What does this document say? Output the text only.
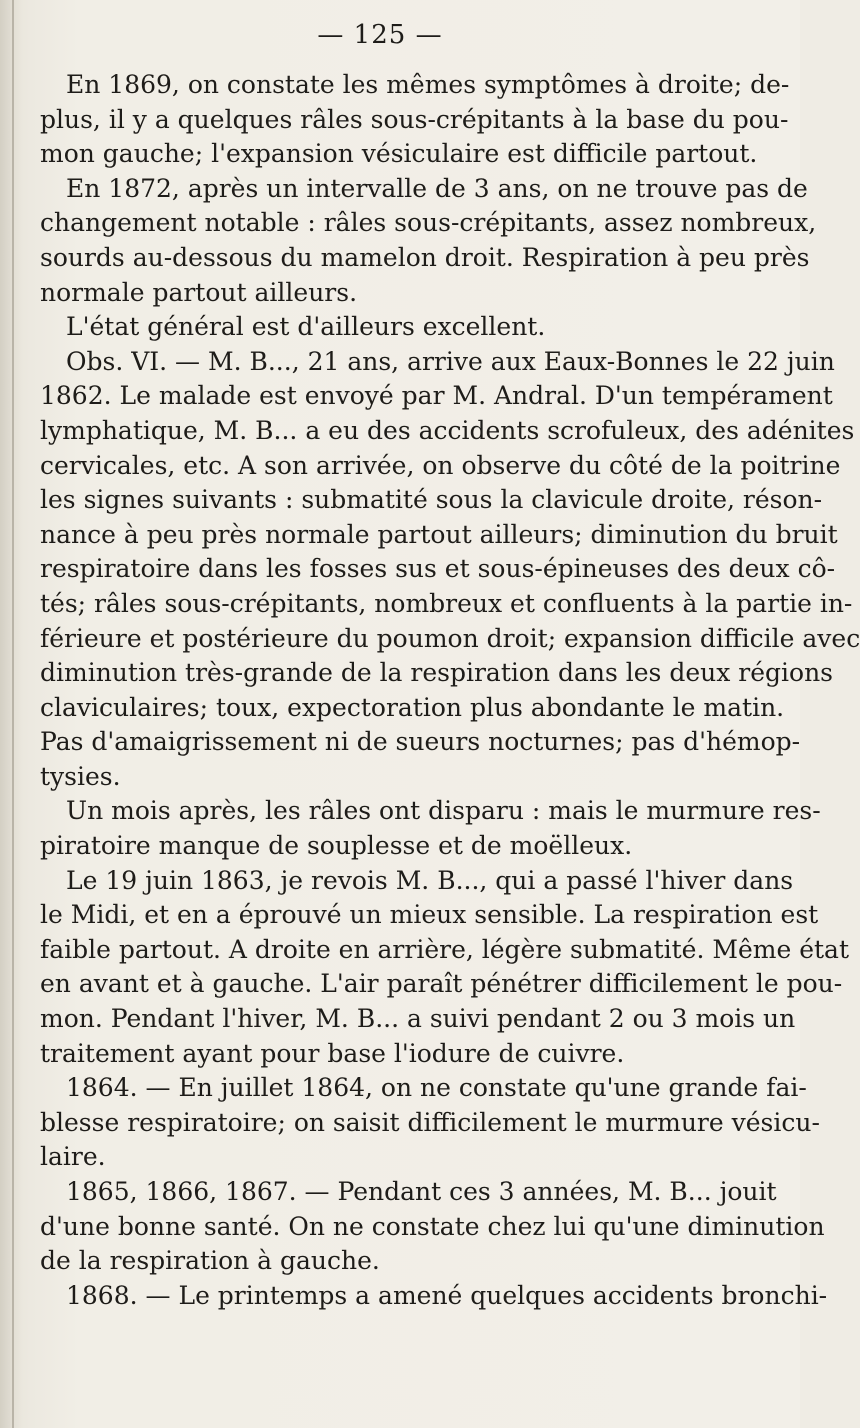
— 125 —
En 1869, on constate les mêmes symptômes à droite; de-
plus, il y a quelques râles sous-crépitants à la base du pou-
mon gauche; l'expansion vésiculaire est difficile partout.
En 1872, après un intervalle de 3 ans, on ne trouve pas de
changement notable : râles sous-crépitants, assez nombreux,
sourds au-dessous du mamelon droit. Respiration à peu près
normale partout ailleurs.
L'état général est d'ailleurs excellent.
Obs. VI. — M. B..., 21 ans, arrive aux Eaux-Bonnes le 22 juin
1862. Le malade est envoyé par M. Andral. D'un tempérament
lymphatique, M. B... a eu des accidents scrofuleux, des adénites
cervicales, etc. A son arrivée, on observe du côté de la poitrine
les signes suivants : submatité sous la clavicule droite, réson-
nance à peu près normale partout ailleurs; diminution du bruit
respiratoire dans les fosses sus et sous-épineuses des deux cô-
tés; râles sous-crépitants, nombreux et confluents à la partie in-
férieure et postérieure du poumon droit; expansion difficile avec
diminution très-grande de la respiration dans les deux régions
claviculaires; toux, expectoration plus abondante le matin.
Pas d'amaigrissement ni de sueurs nocturnes; pas d'hémop-
tysies.
Un mois après, les râles ont disparu : mais le murmure res-
piratoire manque de souplesse et de moëlleux.
Le 19 juin 1863, je revois M. B..., qui a passé l'hiver dans
le Midi, et en a éprouvé un mieux sensible. La respiration est
faible partout. A droite en arrière, légère submatité. Même état
en avant et à gauche. L'air paraît pénétrer difficilement le pou-
mon. Pendant l'hiver, M. B... a suivi pendant 2 ou 3 mois un
traitement ayant pour base l'iodure de cuivre.
1864. — En juillet 1864, on ne constate qu'une grande fai-
blesse respiratoire; on saisit difficilement le murmure vésicu-
laire.
1865, 1866, 1867. — Pendant ces 3 années, M. B... jouit
d'une bonne santé. On ne constate chez lui qu'une diminution
de la respiration à gauche.
1868. — Le printemps a amené quelques accidents bronchi-
